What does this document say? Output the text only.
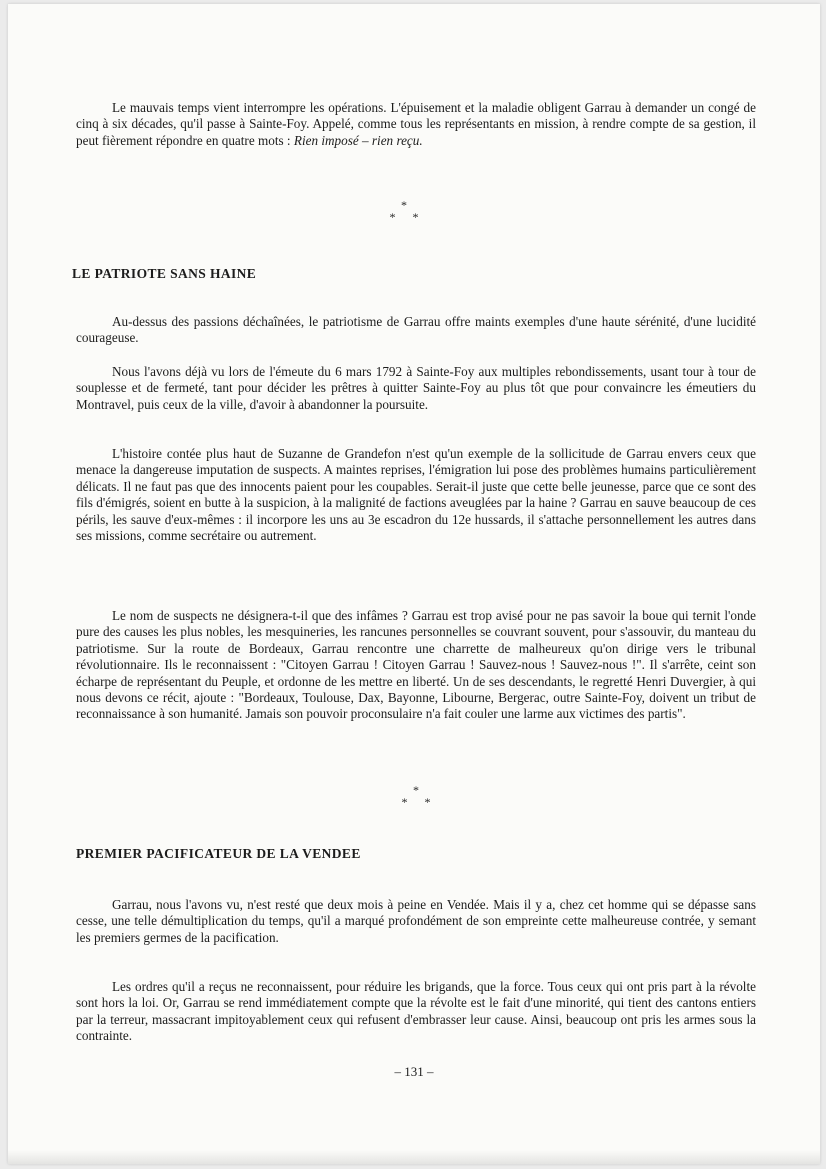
Le mauvais temps vient interrompre les opérations. L'épuisement et la maladie obligent Garrau à demander un congé de cinq à six décades, qu'il passe à Sainte-Foy. Appelé, comme tous les représentants en mission, à rendre compte de sa gestion, il peut fièrement répondre en quatre mots : Rien imposé – rien reçu.

*
* *
LE PATRIOTE SANS HAINE

Au-dessus des passions déchaînées, le patriotisme de Garrau offre maints exemples d'une haute sérénité, d'une lucidité courageuse.

Nous l'avons déjà vu lors de l'émeute du 6 mars 1792 à Sainte-Foy aux multiples rebondissements, usant tour à tour de souplesse et de fermeté, tant pour décider les prêtres à quitter Sainte-Foy au plus tôt que pour convaincre les émeutiers du Montravel, puis ceux de la ville, d'avoir à abandonner la poursuite.

L'histoire contée plus haut de Suzanne de Grandefon n'est qu'un exemple de la sollicitude de Garrau envers ceux que menace la dangereuse imputation de suspects. A maintes reprises, l'émigration lui pose des problèmes humains particulièrement délicats. Il ne faut pas que des innocents paient pour les coupables. Serait-il juste que cette belle jeunesse, parce que ce sont des fils d'émigrés, soient en butte à la suspicion, à la malignité de factions aveuglées par la haine ? Garrau en sauve beaucoup de ces périls, les sauve d'eux-mêmes : il incorpore les uns au 3e escadron du 12e hussards, il s'attache personnellement les autres dans ses missions, comme secrétaire ou autrement.

Le nom de suspects ne désignera-t-il que des infâmes ? Garrau est trop avisé pour ne pas savoir la boue qui ternit l'onde pure des causes les plus nobles, les mesquineries, les rancunes personnelles se couvrant souvent, pour s'assouvir, du manteau du patriotisme. Sur la route de Bordeaux, Garrau rencontre une charrette de malheureux qu'on dirige vers le tribunal révolutionnaire. Ils le reconnaissent : "Citoyen Garrau ! Citoyen Garrau ! Sauvez-nous ! Sauvez-nous !". Il s'arrête, ceint son écharpe de représentant du Peuple, et ordonne de les mettre en liberté. Un de ses descendants, le regretté Henri Duvergier, à qui nous devons ce récit, ajoute : "Bordeaux, Toulouse, Dax, Bayonne, Libourne, Bergerac, outre Sainte-Foy, doivent un tribut de reconnaissance à son humanité. Jamais son pouvoir proconsulaire n'a fait couler une larme aux victimes des partis".

*
* *
PREMIER PACIFICATEUR DE LA VENDEE

Garrau, nous l'avons vu, n'est resté que deux mois à peine en Vendée. Mais il y a, chez cet homme qui se dépasse sans cesse, une telle démultiplication du temps, qu'il a marqué profondément de son empreinte cette malheureuse contrée, y semant les premiers germes de la pacification.

Les ordres qu'il a reçus ne reconnaissent, pour réduire les brigands, que la force. Tous ceux qui ont pris part à la révolte sont hors la loi. Or, Garrau se rend immédiatement compte que la révolte est le fait d'une minorité, qui tient des cantons entiers par la terreur, massacrant impitoyablement ceux qui refusent d'embrasser leur cause. Ainsi, beaucoup ont pris les armes sous la contrainte.

– 131 –
